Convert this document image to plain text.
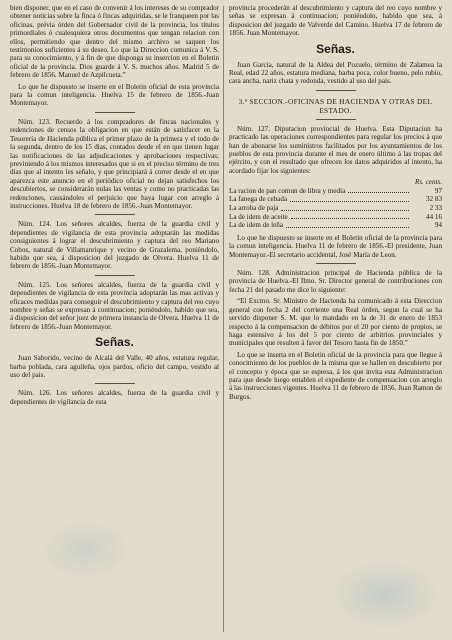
bien disponer, que en el caso de convenir á los intereses de su comprador obtener noticias sobre la finca ó fincas adquiridas, se le franqueen por las oficinas, prévia órden del Gobernador civil de la provincia, los títulos primordiales ó cualesquiera otros documentos que tengan relacion con ellos, permitiendo que dentro del mismo archivo se saquen los testimonios suficientes á su deseo. Lo que la Direccion comunica á V. S. para su conocimiento, y á fin de que disponga su insercion en el Boletin oficial de la provincia. Dios guarde á V. S. muchos años. Madrid 5 de febrero de 1856. Manuel de Azpilcueta.”

Lo que he dispuesto se inserte en el Boletin oficial de esta provincia para la comun inteligencia. Huelva 15 de febrero de 1856.-Juan Montemayor.

Núm. 123. Recuerdo á los compradores de fincas nacionales y redenciones de censos la obligacion en que están de satisfacer en la Tesorería de Hacienda pública el primer plazo de la primera y el todo de la segunda, dentro de los 15 dias, contados desde el en que tienen lugar las notificaciones de las adjudicaciones y aprobaciones respectivas; previniendo á los mismos interesados que si en el preciso término de tres dias que al intento les señalo, y que principiará á correr desde el en que aparezca este anuncio en el periódico oficial no dejan satisfechos los descubiertos, se considerarán nulas las ventas y como no practicadas las redenciones, causándoles el perjuicio que haya lugar con arreglo á instrucciones. Huelva 18 de febrero de 1856.-Juan Montemayor.

Núm. 124. Los señores alcaldes, fuerza de la guardia civil y dependientes de vigilancia de esta provincia adoptarán las medidas consiguientes á lograr el descubrimiento y captura del reo Mariano Cobos, natural de Villamanrique y vecino de Grazalema, ponièndolo, habido que sea, á disposicion del juzgado de Olvera. Huelva 11 de febrero de 1856.-Juan Montemayor.

Núm. 125. Los señores alcaldes, fuerza de la guardia civil y dependientes de vigilancia de esta provincia adoptarán las mas activas y eficaces medidas para conseguir el descubrimiento y captura del reo cuyo nombre y señas se expresan á continuacion; poniéndolo, habido que sea, á disposicion del señor juez de primera instancia de Olvera. Huelva 11 de febrero de 1856.-Juan Montemayor.

Señas.

Juan Saborido, vecino de Alcalá del Valle, 40 años, estatura regular, barba poblada, cara aguileña, ojos pardos, oficio del campo, vestido al uso del pais.

Núm. 126. Los señores alcaldes, fuerza de la guardia civil y dependientes de vigilancia de esta

provincia procederán al descubrimiento y captura del reo cuyo nombre y señas se expresan á continuacion; poniéndolo, habido que sea, á disposicion del juzgado de Valverde del Camino. Huelva 17 de febrero de 1856. Juan Montemayor.

Señas.

Juan García, natural de la Aldea del Pozuelo, término de Zalamea la Real, edad 22 años, estatura mediana, barba poca, color bueno, pelo rubio, cara ancha, nariz chata y redonda, vestido al uso del pais.

3.ª SECCION.-OFICINAS DE HACIENDA Y OTRAS DEL ESTADO.

Núm. 127. Diputacion provincial de Huelva. Esta Diputacion ha practicado las operaciones correspondientes para regular los precios á que han de abonarse los suministros facilitados por los ayuntamientos de los pueblos de esta provincia durante el mes de enero último á las tropas del ejército, y con el resultado que ofrecen los datos adquiridos al intento, ha acordado fijar los siguientes:

Rs. cents.
La racion de pan comun de libra y media	97
La fanega de cebada	32 83
La arroba de paja	2 33
La de idem de aceite	44 16
La de idem de leña	94

Lo que he dispuesto se inserte en el Boletin oficial de la provincia para la comun inteligencia. Huelva 11 de febrero de 1856.-El presidente, Juan Montemayor.-El secretario accidental, José María de Leon.

Núm. 128. Administracion principal de Hacienda pública de la provincia de Huelva.-El Ilmo. Sr. Director general de contribuciones con fecha 21 del pasado me dice lo siguiente:

“El Excmo. Sr. Ministro de Hacienda ha comunicado á esta Direccion general con fecha 2 del corriente una Real órden, segun la cual se ha servido disponer S. M. que lo mandado en la de 31 de enero de 1853 respecto á la compensacion de débitos por el 20 por ciento de propios, se haga estensivo á los del 5 por ciento de arbitrios provinciales y municipales que resulten á favor del Tesoro hasta fin de 1850.”

Lo que se inserta en el Boletin oficial de la provincia para que llegue á conocimiento de los pueblos de la misma que se hallen en descubierto por el concepto y época que se espresa, á los que invita esta Administracion para que desde luego entablen el expediente de compensacion con arreglo á las instrucciones vigentes. Huelva 11 de febrero de 1856. Juan Ramon de Burgos.
